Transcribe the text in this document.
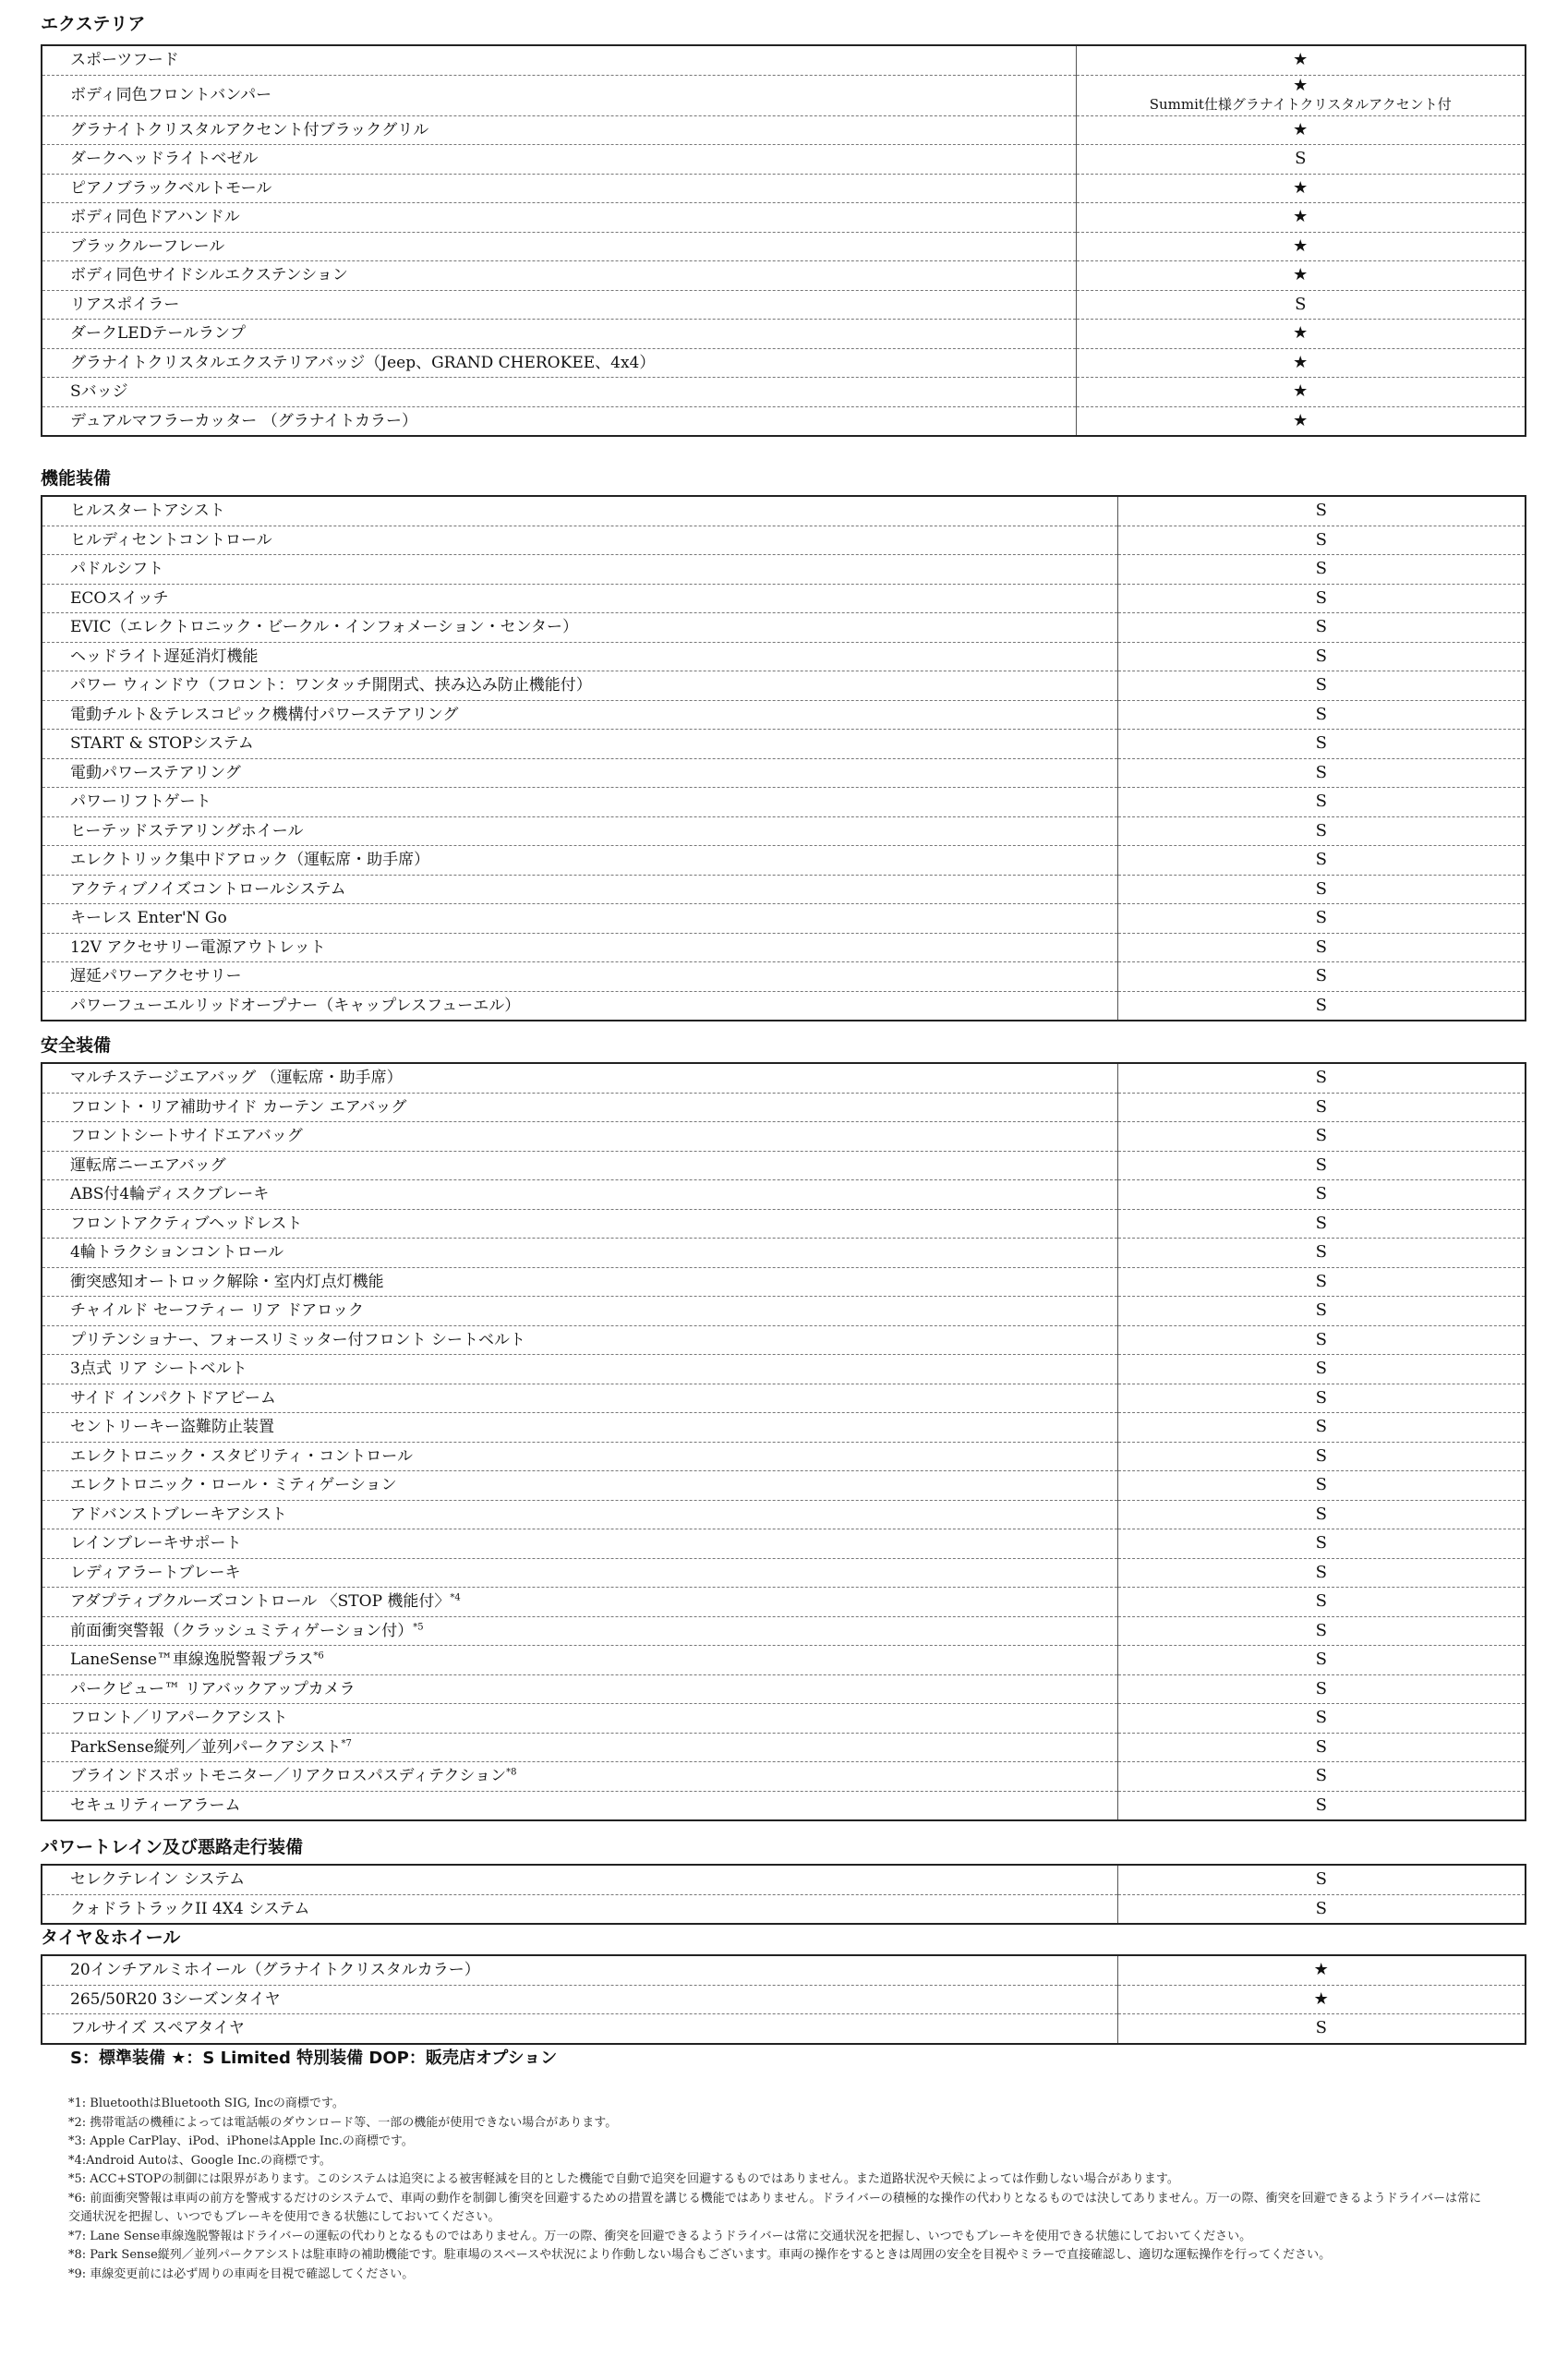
エクステリア
スポーツフード	★
ボディ同色フロントバンパー	★
Summit仕様グラナイトクリスタルアクセント付

グラナイトクリスタルアクセント付ブラックグリル	★
ダークヘッドライトベゼル	S
ピアノブラックベルトモール	★
ボディ同色ドアハンドル	★
ブラックルーフレール	★
ボディ同色サイドシルエクステンション	★
リアスポイラー	S
ダークLEDテールランプ	★
グラナイトクリスタルエクステリアバッジ（Jeep、GRAND CHEROKEE、4x4）	★
Sバッジ	★
デュアルマフラーカッター （グラナイトカラー）	★
機能装備
ヒルスタートアシスト	S
ヒルディセントコントロール	S
パドルシフト	S
ECOスイッチ	S
EVIC（エレクトロニック・ビークル・インフォメーション・センター）	S
ヘッドライト遅延消灯機能	S
パワー ウィンドウ（フロント：ワンタッチ開閉式、挟み込み防止機能付）	S
電動チルト＆テレスコピック機構付パワーステアリング	S
START & STOPシステム	S
電動パワーステアリング	S
パワーリフトゲート	S
ヒーテッドステアリングホイール	S
エレクトリック集中ドアロック（運転席・助手席）	S
アクティブノイズコントロールシステム	S
キーレス Enter'N Go	S
12V アクセサリー電源アウトレット	S
遅延パワーアクセサリー	S
パワーフューエルリッドオープナー（キャップレスフューエル）	S
安全装備
マルチステージエアバッグ （運転席・助手席）	S
フロント・リア補助サイド カーテン エアバッグ	S
フロントシートサイドエアバッグ	S
運転席ニーエアバッグ	S
ABS付4輪ディスクブレーキ	S
フロントアクティブヘッドレスト	S
4輪トラクションコントロール	S
衝突感知オートロック解除・室内灯点灯機能	S
チャイルド セーフティー リア ドアロック	S
プリテンショナー、フォースリミッター付フロント シートベルト	S
3点式 リア シートベルト	S
サイド インパクトドアビーム	S
セントリーキー盗難防止装置	S
エレクトロニック・スタビリティ・コントロール	S
エレクトロニック・ロール・ミティゲーション	S
アドバンストブレーキアシスト	S
レインブレーキサポート	S
レディアラートブレーキ	S
アダプティブクルーズコントロール 〈STOP 機能付〉$^{*4}$	S
前面衝突警報（クラッシュミティゲーション付）$^{*5}$	S
LaneSense™車線逸脱警報プラス$^{*6}$	S
パークビュー™ リアバックアップカメラ	S
フロント／リアパークアシスト	S
ParkSense縦列／並列パークアシスト$^{*7}$	S
ブラインドスポットモニター／リアクロスパスディテクション$^{*8}$	S
セキュリティーアラーム	S
パワートレイン及び悪路走行装備
セレクテレイン システム	S
クォドラトラックII 4X4 システム	S
タイヤ＆ホイール
20インチアルミホイール（グラナイトクリスタルカラー）	★
265/50R20 3シーズンタイヤ	★
フルサイズ スペアタイヤ	S
S：標準装備 ★：S Limited 特別装備 DOP：販売店オプション
*1: BluetoothはBluetooth SIG, Incの商標です。
*2: 携帯電話の機種によっては電話帳のダウンロード等、一部の機能が使用できない場合があります。
*3: Apple CarPlay、iPod、iPhoneはApple Inc.の商標です。
*4:Android Autoは、Google Inc.の商標です。
*5: ACC+STOPの制御には限界があります。このシステムは追突による被害軽減を目的とした機能で自動で追突を回避するものではありません。また道路状況や天候によっては作動しない場合があります。
*6: 前面衝突警報は車両の前方を警戒するだけのシステムで、車両の動作を制御し衝突を回避するための措置を講じる機能ではありません。ドライバーの積極的な操作の代わりとなるものでは決してありません。万一の際、衝突を回避できるようドライバーは常に交通状況を把握し、いつでもブレーキを使用できる状態にしておいてください。
*7: Lane Sense車線逸脱警報はドライバーの運転の代わりとなるものではありません。万一の際、衝突を回避できるようドライバーは常に交通状況を把握し、いつでもブレーキを使用できる状態にしておいてください。
*8: Park Sense縦列／並列パークアシストは駐車時の補助機能です。駐車場のスペースや状況により作動しない場合もございます。車両の操作をするときは周囲の安全を目視やミラーで直接確認し、適切な運転操作を行ってください。
*9: 車線変更前には必ず周りの車両を目視で確認してください。
